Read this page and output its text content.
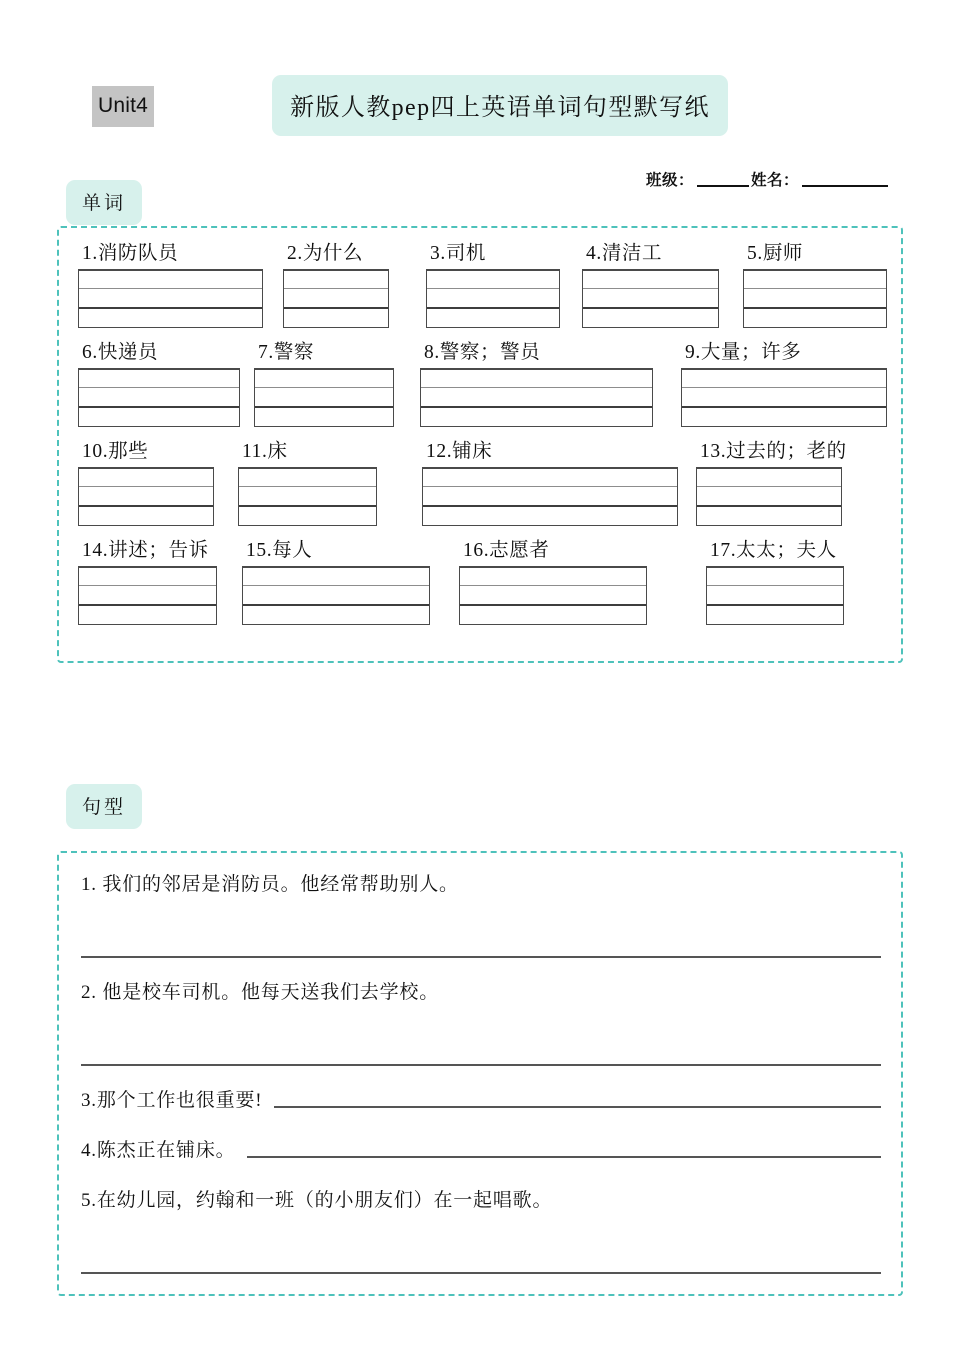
Unit4	新版人教pep四上英语单词句型默写纸
班级：	姓名：
单词
1.消防队员	2.为什么	3.司机	4.清洁工	5.厨师
6.快递员	7.警察	8.警察；警员	9.大量；许多
10.那些	11.床	12.铺床	13.过去的；老的
14.讲述；告诉	15.每人	16.志愿者	17.太太；夫人
句型
1. 我们的邻居是消防员。他经常帮助别人。
2. 他是校车司机。他每天送我们去学校。
3.那个工作也很重要!
4.陈杰正在铺床。
5.在幼儿园，约翰和一班（的小朋友们）在一起唱歌。
